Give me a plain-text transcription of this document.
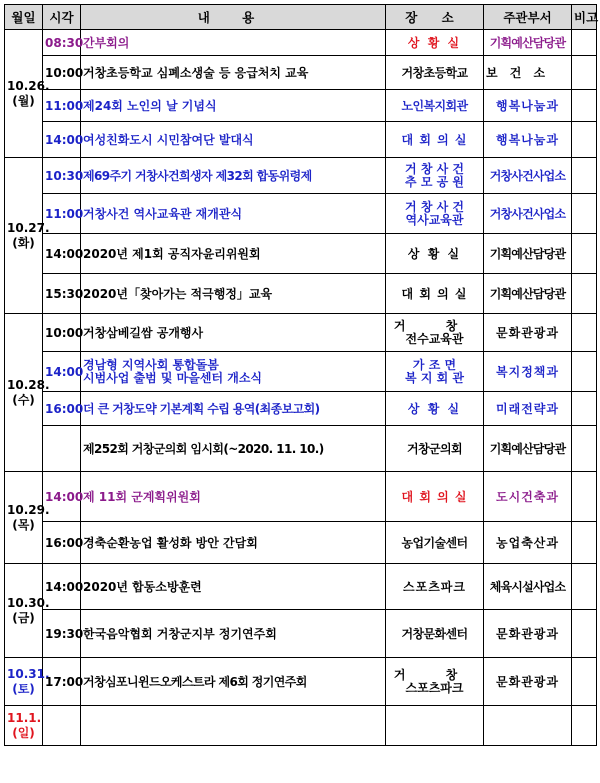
월일	시각	내 용	장 소	주관부서	비고
10.26.
(월)	08:30	간부회의	상 황 실	기획예산담당관	
	10:00	거창초등학교 심폐소생술 등 응급처치 교육	거창초등학교	보 건 소	
	11:00	제24회 노인의 날 기념식	노인복지회관	행복나눔과	
	14:00	여성친화도시 시민참여단 발대식	대 회 의 실	행복나눔과	
10.27.
(화)	10:30	제69주기 거창사건희생자 제32회 합동위령제	거 창 사 건
추 모 공 원	거창사건사업소	
	11:00	거창사건 역사교육관 재개관식	거 창 사 건
역사교육관	거창사건사업소	
	14:00	2020년 제1회 공직자윤리위원회	상 황 실	기획예산담당관	
	15:30	2020년「찾아가는 적극행정」교육	대 회 의 실	기획예산담당관	
10.28.
(수)	10:00	거창삼베길쌈 공개행사	거 창
전수교육관	문화관광과	
	14:00	경남형 지역사회 통합돌봄
시범사업 출범 및 마을센터 개소식	가 조 면
복 지 회 관	복지정책과	
	16:00	더 큰 거창도약 기본계획 수립 용역(최종보고회)	상 황 실	미래전략과	
		제252회 거창군의회 임시회(~2020. 11. 10.)	거창군의회	기획예산담당관	
10.29.
(목)	14:00	제 11회 군계획위원회	대 회 의 실	도시건축과	
	16:00	경축순환농업 활성화 방안 간담회	농업기술센터	농업축산과	
10.30.
(금)	14:00	2020년 합동소방훈련	스포츠파크	체육시설사업소	
	19:30	한국음악협회 거창군지부 정기연주회	거창문화센터	문화관광과	
10.31.
(토)	17:00	거창심포니윈드오케스트라 제6회 정기연주회	거 창
스포츠파크	문화관광과	
11.1.
(일)					
